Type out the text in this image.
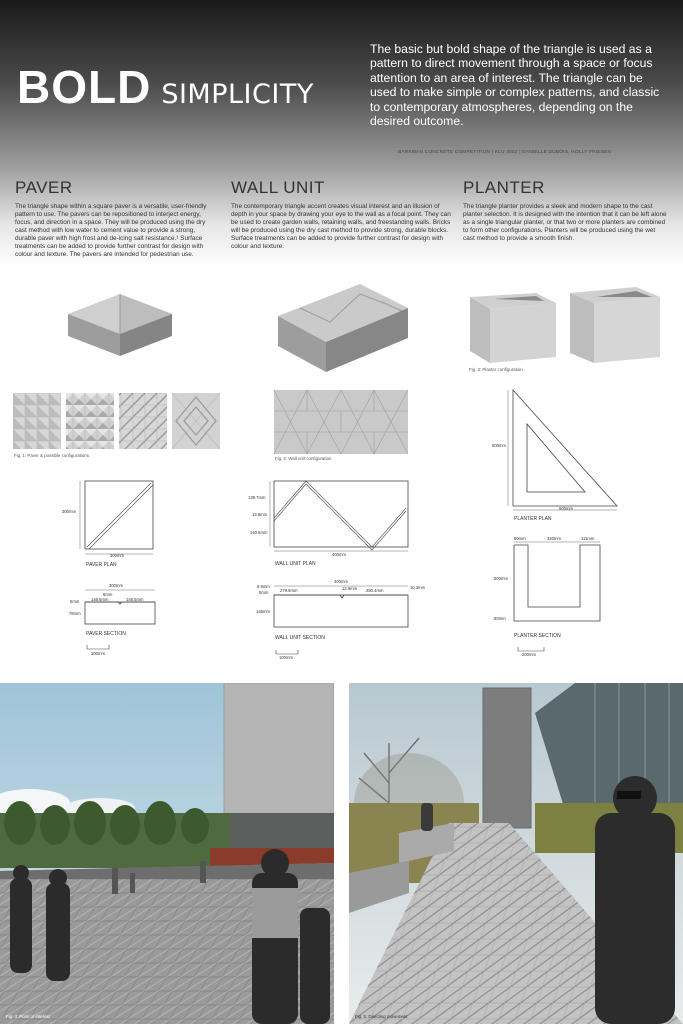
BOLD SIMPLICITY
The basic but bold shape of the triangle is used as a pattern to direct movement through a space or focus attention to an area of interest. The triangle can be used to make simple or complex patterns, and classic to contemporary atmospheres, depending on the desired outcome.
BARKMAN CONCRETE COMPETITION | KLU 4002 | DANIELLE DUBOIS, HOLLY FRIESEN
PAVER	WALL UNIT	PLANTER
The triangle shape within a square paver is a versatile, user-friendly pattern to use. The pavers can be repositioned to interject energy, focus, and direction in a space. They will be produced using the dry cast method with low water to cement value to provide a strong, durable paver with high frost and de-icing salt resistance.¹ Surface treatments can be added to provide further contrast for design with colour and texture. The pavers are intended for pedestrian use.
The contemporary triangle accent creates visual interest and an illusion of depth in your space by drawing your eye to the wall as a focal point. They can be used to create garden walls, retaining walls, and freestanding walls. Bricks will be produced using the dry cast method to provide strong, durable blocks. Surface treatments can be added to provide further contrast for design with colour and texture.
The triangle planter provides a sleek and modern shape to the cast planter selection. It is designed with the intention that it can be left alone as a single triangular planter, or that two or more planters are combined to form other configurations. Planters will be produced using the wet cast method to provide a smooth finish.
Fig. 1: Paver & possible configurations
300mm
300mm
PAVER PLAN
300mm
6mm
146.5mm	146.5mm
5mm
76mm
PAVER SECTION
100mm
Fig. 2: Wall unit configuration
139.7mm
19.6mm
140.6mm
400mm
WALL UNIT PLAN
400mm
8.9mm
5mm	279.6mm	12.9mm 280.4mm
10.3mm
145mm
WALL UNIT SECTION
100mm
Fig. 3: Planter configuration
500mm
500mm
PLANTER PLAN
80mm	320mm	111mm
500mm
80mm
PLANTER SECTION
200mm
Fig. 4: Point of interest	Fig. 5: Directing movement
